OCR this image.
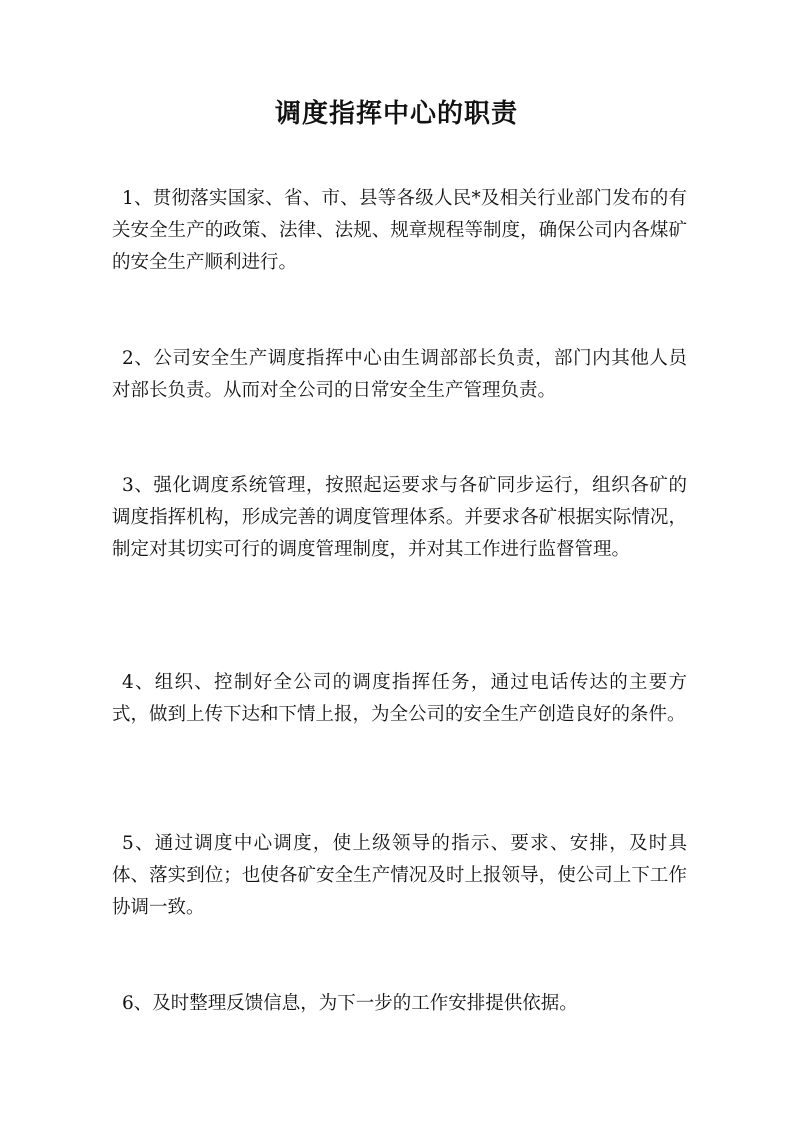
调度指挥中心的职责

1、贯彻落实国家、省、市、县等各级人民*及相关行业部门发布的有关安全生产的政策、法律、法规、规章规程等制度，确保公司内各煤矿的安全生产顺利进行。

2、公司安全生产调度指挥中心由生调部部长负责，部门内其他人员对部长负责。从而对全公司的日常安全生产管理负责。

3、强化调度系统管理，按照起运要求与各矿同步运行，组织各矿的调度指挥机构，形成完善的调度管理体系。并要求各矿根据实际情况，制定对其切实可行的调度管理制度，并对其工作进行监督管理。

4、组织、控制好全公司的调度指挥任务，通过电话传达的主要方式，做到上传下达和下情上报，为全公司的安全生产创造良好的条件。

5、通过调度中心调度，使上级领导的指示、要求、安排，及时具体、落实到位；也使各矿安全生产情况及时上报领导，使公司上下工作协调一致。

6、及时整理反馈信息，为下一步的工作安排提供依据。
